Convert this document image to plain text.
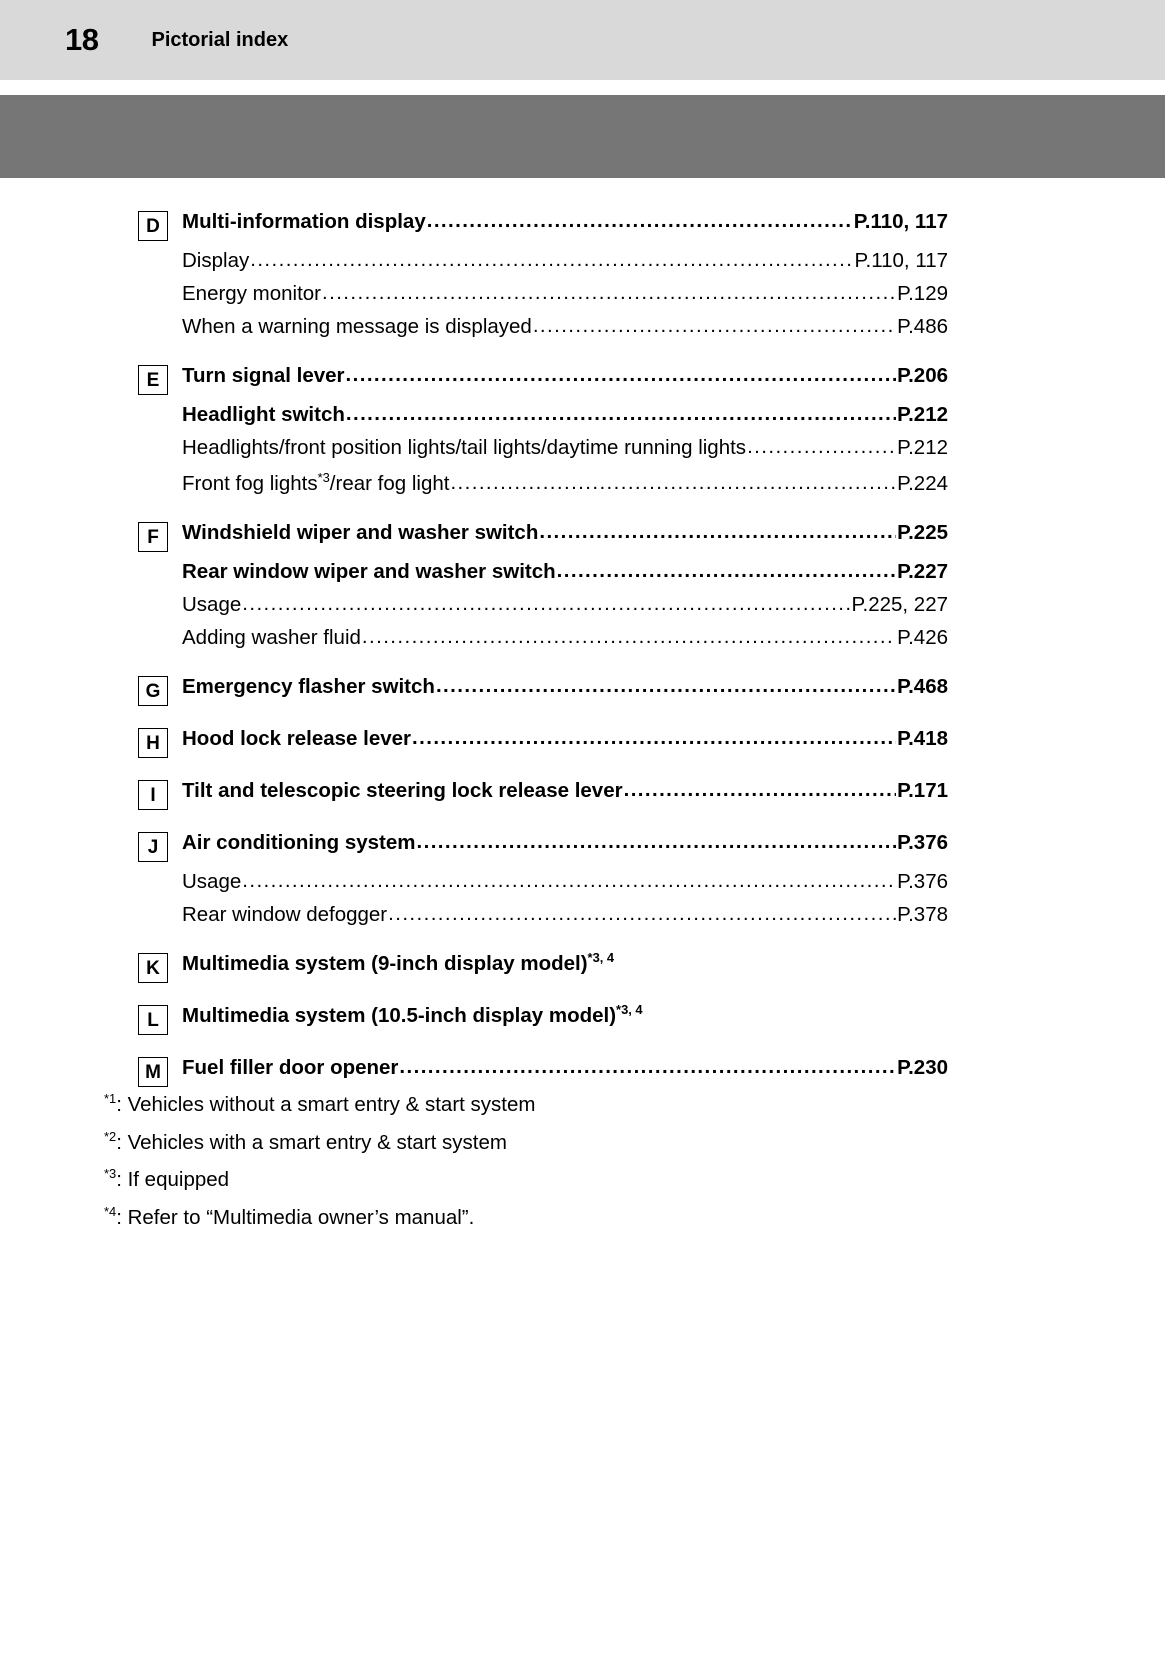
18	Pictorial index
D	Multi-information display .....	P.110, 117
Display .....	P.110, 117
Energy monitor .....	P.129
When a warning message is displayed .....	P.486
E	Turn signal lever .....	P.206
Headlight switch .....	P.212
Headlights/front position lights/tail lights/daytime running lights .....	P.212
Front fog lights$^{*3}$/rear fog light .....	P.224
F	Windshield wiper and washer switch .....	P.225
Rear window wiper and washer switch .....	P.227
Usage .....	P.225, 227
Adding washer fluid .....	P.426
G	Emergency flasher switch .....	P.468
H	Hood lock release lever .....	P.418
I	Tilt and telescopic steering lock release lever .....	P.171
J	Air conditioning system .....	P.376
Usage .....	P.376
Rear window defogger .....	P.378
K	Multimedia system (9-inch display model)$^{*3, 4}$
L	Multimedia system (10.5-inch display model)$^{*3, 4}$
M	Fuel filler door opener .....	P.230
$^{*1}$: Vehicles without a smart entry & start system
$^{*2}$: Vehicles with a smart entry & start system
$^{*3}$: If equipped
$^{*4}$: Refer to “Multimedia owner’s manual”.
